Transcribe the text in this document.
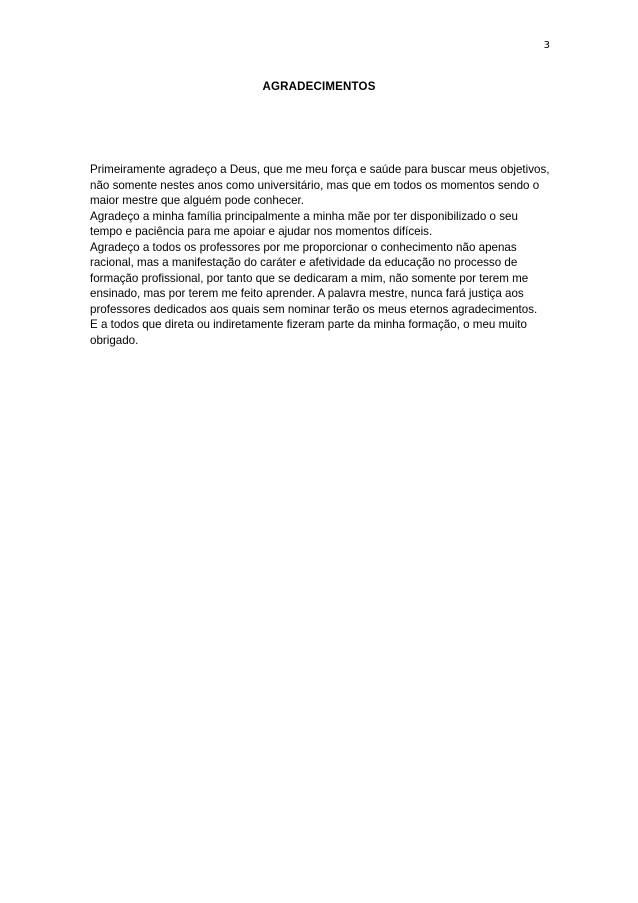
3
AGRADECIMENTOS

Primeiramente agradeço a Deus, que me meu força e saúde para buscar meus objetivos, não somente nestes anos como universitário, mas que em todos os momentos sendo o maior mestre que alguém pode conhecer.

Agradeço a minha família principalmente a minha mãe por ter disponibilizado o seu tempo e paciência para me apoiar e ajudar nos momentos difíceis.

Agradeço a todos os professores por me proporcionar o conhecimento não apenas racional, mas a manifestação do caráter e afetividade da educação no processo de formação profissional, por tanto que se dedicaram a mim, não somente por terem me ensinado, mas por terem me feito aprender. A palavra mestre, nunca fará justiça aos professores dedicados aos quais sem nominar terão os meus eternos agradecimentos.

E a todos que direta ou indiretamente fizeram parte da minha formação, o meu muito obrigado.
